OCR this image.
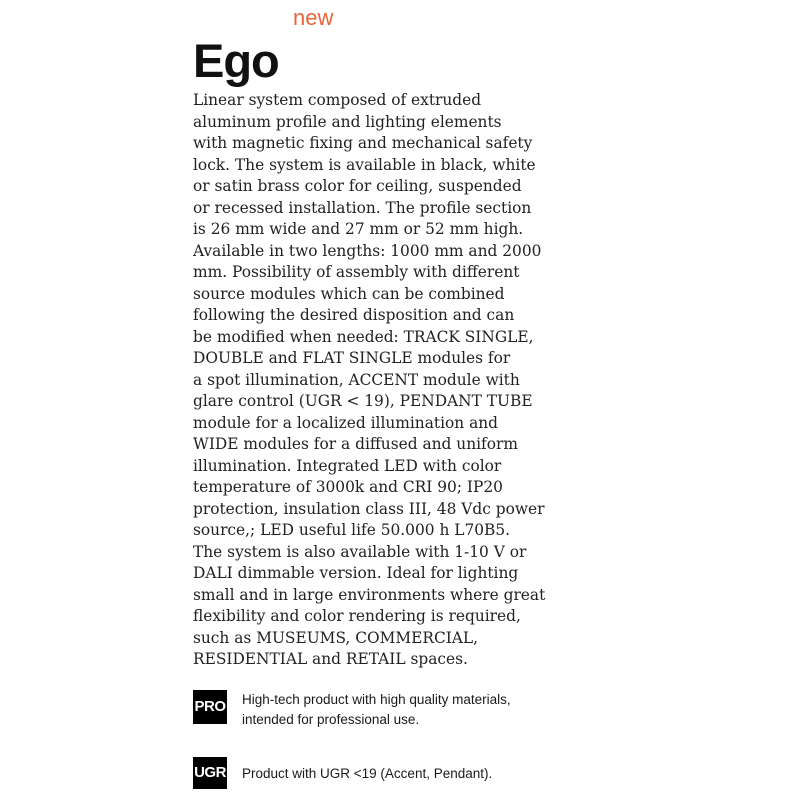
Ego
new

Linear system composed of extruded
aluminum profile and lighting elements
with magnetic fixing and mechanical safety
lock. The system is available in black, white
or satin brass color for ceiling, suspended
or recessed installation. The profile section
is 26 mm wide and 27 mm or 52 mm high.
Available in two lengths: 1000 mm and 2000
mm. Possibility of assembly with different
source modules which can be combined
following the desired disposition and can
be modified when needed: TRACK SINGLE,
DOUBLE and FLAT SINGLE modules for
a spot illumination, ACCENT module with
glare control (UGR < 19), PENDANT TUBE
module for a localized illumination and
WIDE modules for a diffused and uniform
illumination. Integrated LED with color
temperature of 3000k and CRI 90; IP20
protection, insulation class III, 48 Vdc power
source,; LED useful life 50.000 h L70B5.
The system is also available with 1-10 V or
DALI dimmable version. Ideal for lighting
small and in large environments where great
flexibility and color rendering is required,
such as MUSEUMS, COMMERCIAL,
RESIDENTIAL and RETAIL spaces.

PRO High-tech product with high quality materials,
intended for professional use.
UGR Product with UGR <19 (Accent, Pendant).
